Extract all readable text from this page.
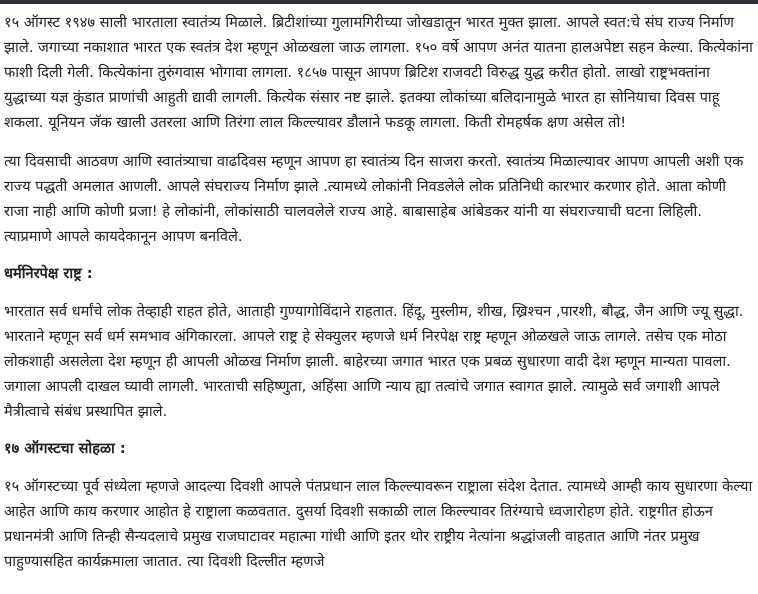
१५ ऑगस्ट १९४७ साली भारताला स्वातंत्र्य मिळाले. ब्रिटीशांच्या गुलामगिरीच्या जोखडातून भारत मुक्त झाला. आपले स्वत:चे संघ राज्य निर्माण झाले. जगाच्या नकाशात भारत एक स्वतंत्र देश म्हणून ओळखला जाऊ लागला. १५० वर्षे आपण अनंत यातना हालअपेष्टा सहन केल्या. कित्येकांना फाशी दिली गेली. कित्येकांना तुरुंगवास भोगावा लागला. १८५७ पासून आपण ब्रिटिश राजवटी विरुद्ध युद्ध करीत होतो. लाखो राष्ट्रभक्तांना युद्धाच्या यज्ञ कुंडात प्राणांची आहुती द्यावी लागली. कित्येक संसार नष्ट झाले. इतक्या लोकांच्या बलिदानामुळे भारत हा सोनियाचा दिवस पाहू शकला. यूनियन जॅक खाली उतरला आणि तिरंगा लाल किल्ल्यावर डौलाने फडकू लागला. किती रोमहर्षक क्षण असेल तो!

त्या दिवसाची आठवण आणि स्वातंत्र्याचा वाढदिवस म्हणून आपण हा स्वातंत्र्य दिन साजरा करतो. स्वातंत्र्य मिळाल्यावर आपण आपली अशी एक राज्य पद्धती अमलात आणली. आपले संघराज्य निर्माण झाले .त्यामध्ये लोकांनी निवडलेले लोक प्रतिनिधी कारभार करणार होते. आता कोणी राजा नाही आणि कोणी प्रजा! हे लोकांनी, लोकांसाठी चालवलेले राज्य आहे. बाबासाहेब आंबेडकर यांनी या संघराज्याची घटना लिहिली. त्याप्रमाणे आपले कायदेकानून आपण बनविले.

धर्मनिरपेक्ष राष्ट्र :

भारतात सर्व धर्मांचे लोक तेव्हाही राहत होते, आताही गुण्यागोविंदाने राहतात. हिंदू, मुस्लीम, शीख, ख्रिश्चन ,पारशी, बौद्ध, जैन आणि ज्यू सुद्धा. भारताने म्हणून सर्व धर्म समभाव अंगिकारला. आपले राष्ट्र हे सेक्युलर म्हणजे धर्म निरपेक्ष राष्ट्र म्हणून ओळखले जाऊ लागले. तसेच एक मोठा लोकशाही असलेला देश म्हणून ही आपली ओळख निर्माण झाली. बाहेरच्या जगात भारत एक प्रबळ सुधारणा वादी देश म्हणून मान्यता पावला. जगाला आपली दाखल घ्यावी लागली. भारताची सहिष्णुता, अहिंसा आणि न्याय ह्या तत्वांचे जगात स्वागत झाले. त्यामुळे सर्व जगाशी आपले मैत्रीत्वाचे संबंध प्रस्थापित झाले.

१७ ऑगस्टचा सोहळा :

१५ ऑगस्टच्या पूर्व संध्येला म्हणजे आदल्या दिवशी आपले पंतप्रधान लाल किल्ल्यावरून राष्ट्राला संदेश देतात. त्यामध्ये आम्ही काय सुधारणा केल्या आहेत आणि काय करणार आहोत हे राष्ट्राला कळवतात. दुसर्या दिवशी सकाळी लाल किल्ल्यावर तिरंग्याचे ध्वजारोहण होते. राष्ट्रगीत होऊन प्रधानमंत्री आणि तिन्ही सैन्यदलाचे प्रमुख राजघाटावर महात्मा गांधी आणि इतर थोर राष्ट्रीय नेत्यांना श्रद्धांजली वाहतात आणि नंतर प्रमुख पाहुण्यासहित कार्यक्रमाला जातात. त्या दिवशी दिल्लीत म्हणजे
